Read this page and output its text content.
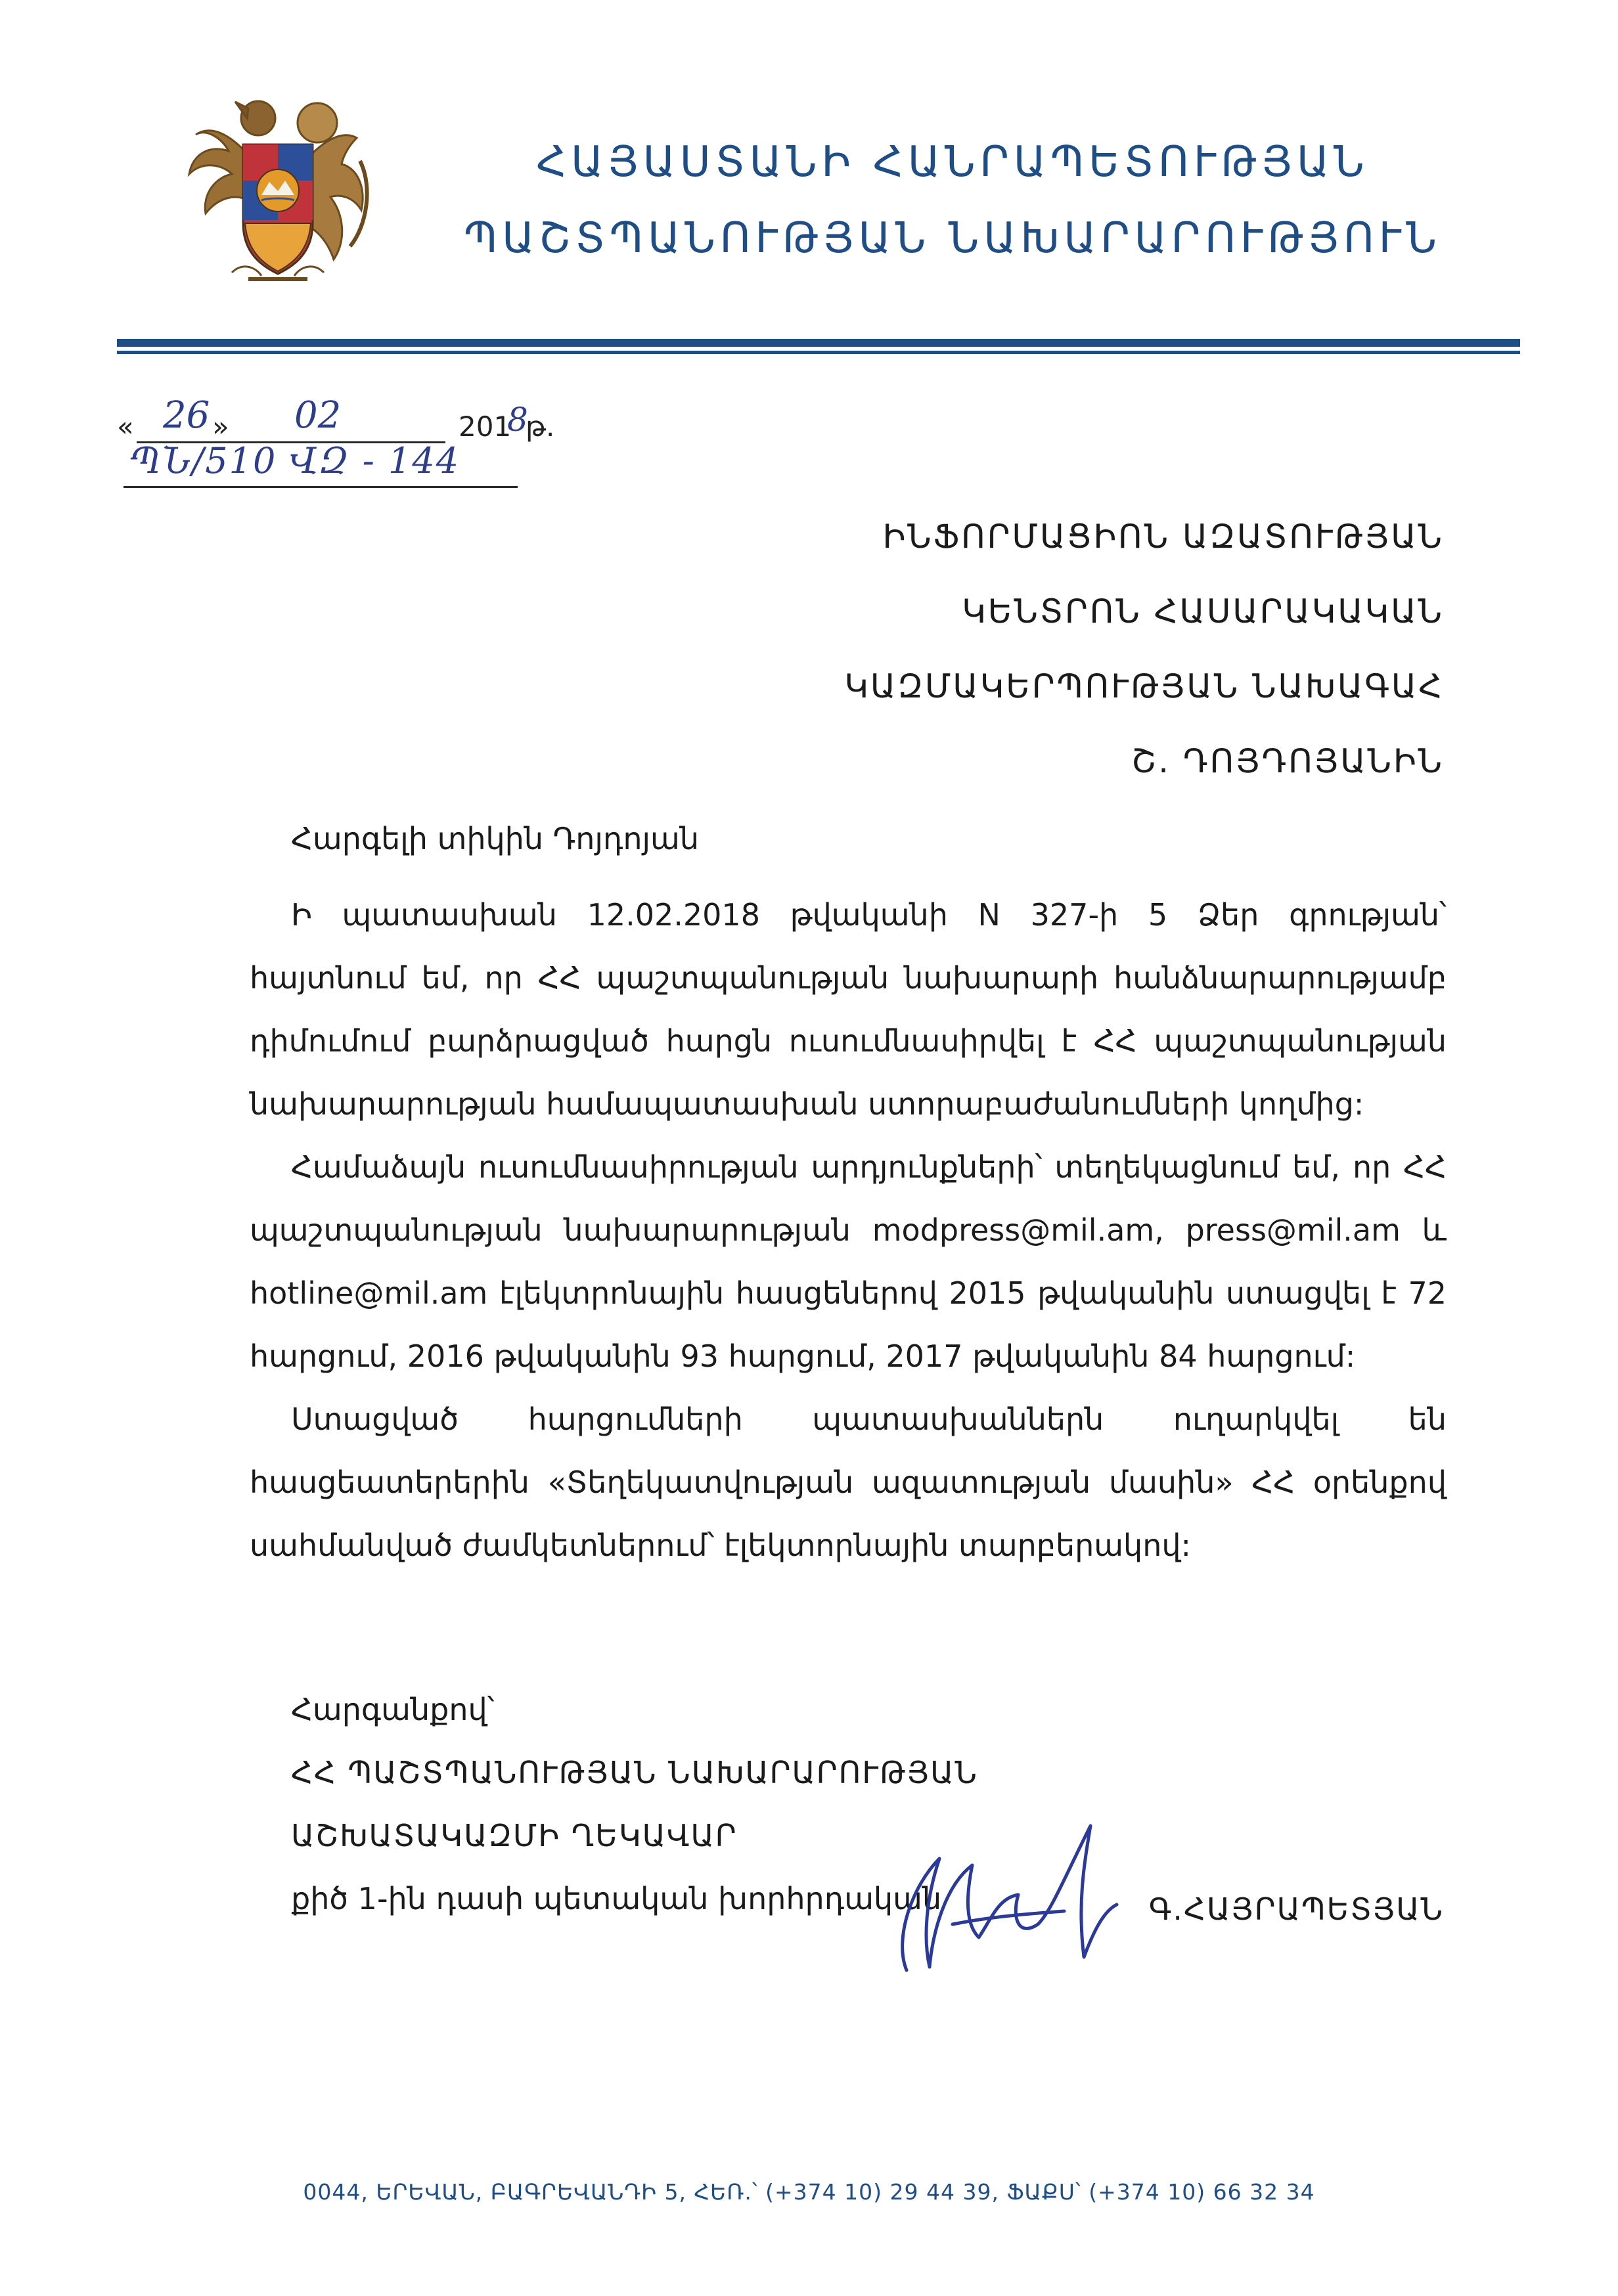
ՀԱՅԱՍՏԱՆԻ ՀԱՆՐԱՊԵՏՈՒԹՅԱՆ
ՊԱՇՏՊԱՆՈՒԹՅԱՆ ՆԱԽԱՐԱՐՈՒԹՅՈՒՆ
« 26 » 02	201
8
թ.
ՊՆ/510 ՎԶ - 144
ԻՆՖՈՐՄԱՑԻՈՆ ԱԶԱՏՈՒԹՅԱՆ
ԿԵՆՏՐՈՆ ՀԱՍԱՐԱԿԱԿԱՆ
ԿԱԶՄԱԿԵՐՊՈՒԹՅԱՆ ՆԱԽԱԳԱՀ
Շ. ԴՈՅԴՈՅԱՆԻՆ
Հարգելի տիկին Դոյդոյան

Ի պատասխան 12.02.2018 թվականի N 327-ի 5 Ձեր գրության՝ հայտնում եմ, որ ՀՀ պաշտպանության նախարարի հանձնարարությամբ դիմումում բարձրացված հարցն ուսումնասիրվել է ՀՀ պաշտպանության նախարարության համապատասխան ստորաբաժանումների կողմից:

Համաձայն ուսումնասիրության արդյունքների՝ տեղեկացնում եմ, որ ՀՀ պաշտպանության նախարարության modpress@mil.am, press@mil.am և hotline@mil.am էլեկտրոնային հասցեներով 2015 թվականին ստացվել է 72 հարցում, 2016 թվականին 93 հարցում, 2017 թվականին 84 հարցում:

Ստացված հարցումների պատասխաններն ուղարկվել են հասցեատերերին «Տեղեկատվության ազատության մասին» ՀՀ օրենքով սահմանված ժամկետներում՝ էլեկտորնային տարբերակով:

Հարգանքով՝
ՀՀ ՊԱՇՏՊԱՆՈՒԹՅԱՆ ՆԱԽԱՐԱՐՈՒԹՅԱՆ
ԱՇԽԱՏԱԿԱԶՄԻ ՂԵԿԱՎԱՐ
քիծ 1-ին դասի պետական խորհրդական	Գ.ՀԱՅՐԱՊԵՏՅԱՆ
0044, ԵՐԵՎԱՆ, ԲԱԳՐԵՎԱՆԴԻ 5, ՀԵՌ.՝ (+374 10) 29 44 39, ՖԱՔՍ՝ (+374 10) 66 32 34
